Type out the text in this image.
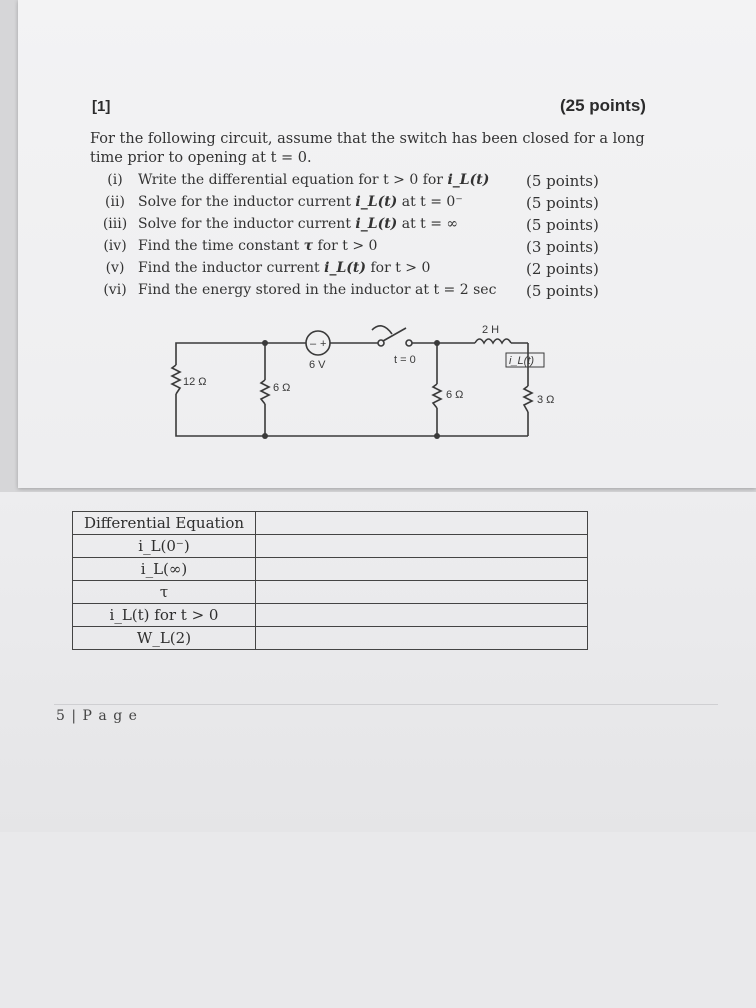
[1]	(25 points)
For the following circuit, assume that the switch has been closed for a long time prior to opening at t = 0.
(i) Write the differential equation for t > 0 for i_L(t) (5 points)
(ii) Solve for the inductor current i_L(t) at t = 0⁻	(5 points)
(iii) Solve for the inductor current i_L(t) at t = ∞	(5 points)
(iv) Find the time constant τ for t > 0	(3 points)
(v) Find the inductor current i_L(t) for t > 0	(2 points)
(vi) Find the energy stored in the inductor at t = 2 sec (5 points)
– +
6 V	t = 0
2 H
i_L(t)
12 Ω	6 Ω
6 Ω	3 Ω
Differential Equation	
i_L(0⁻)	
i_L(∞)	
τ	
i_L(t) for t > 0	
W_L(2)	
5 | P a g e
